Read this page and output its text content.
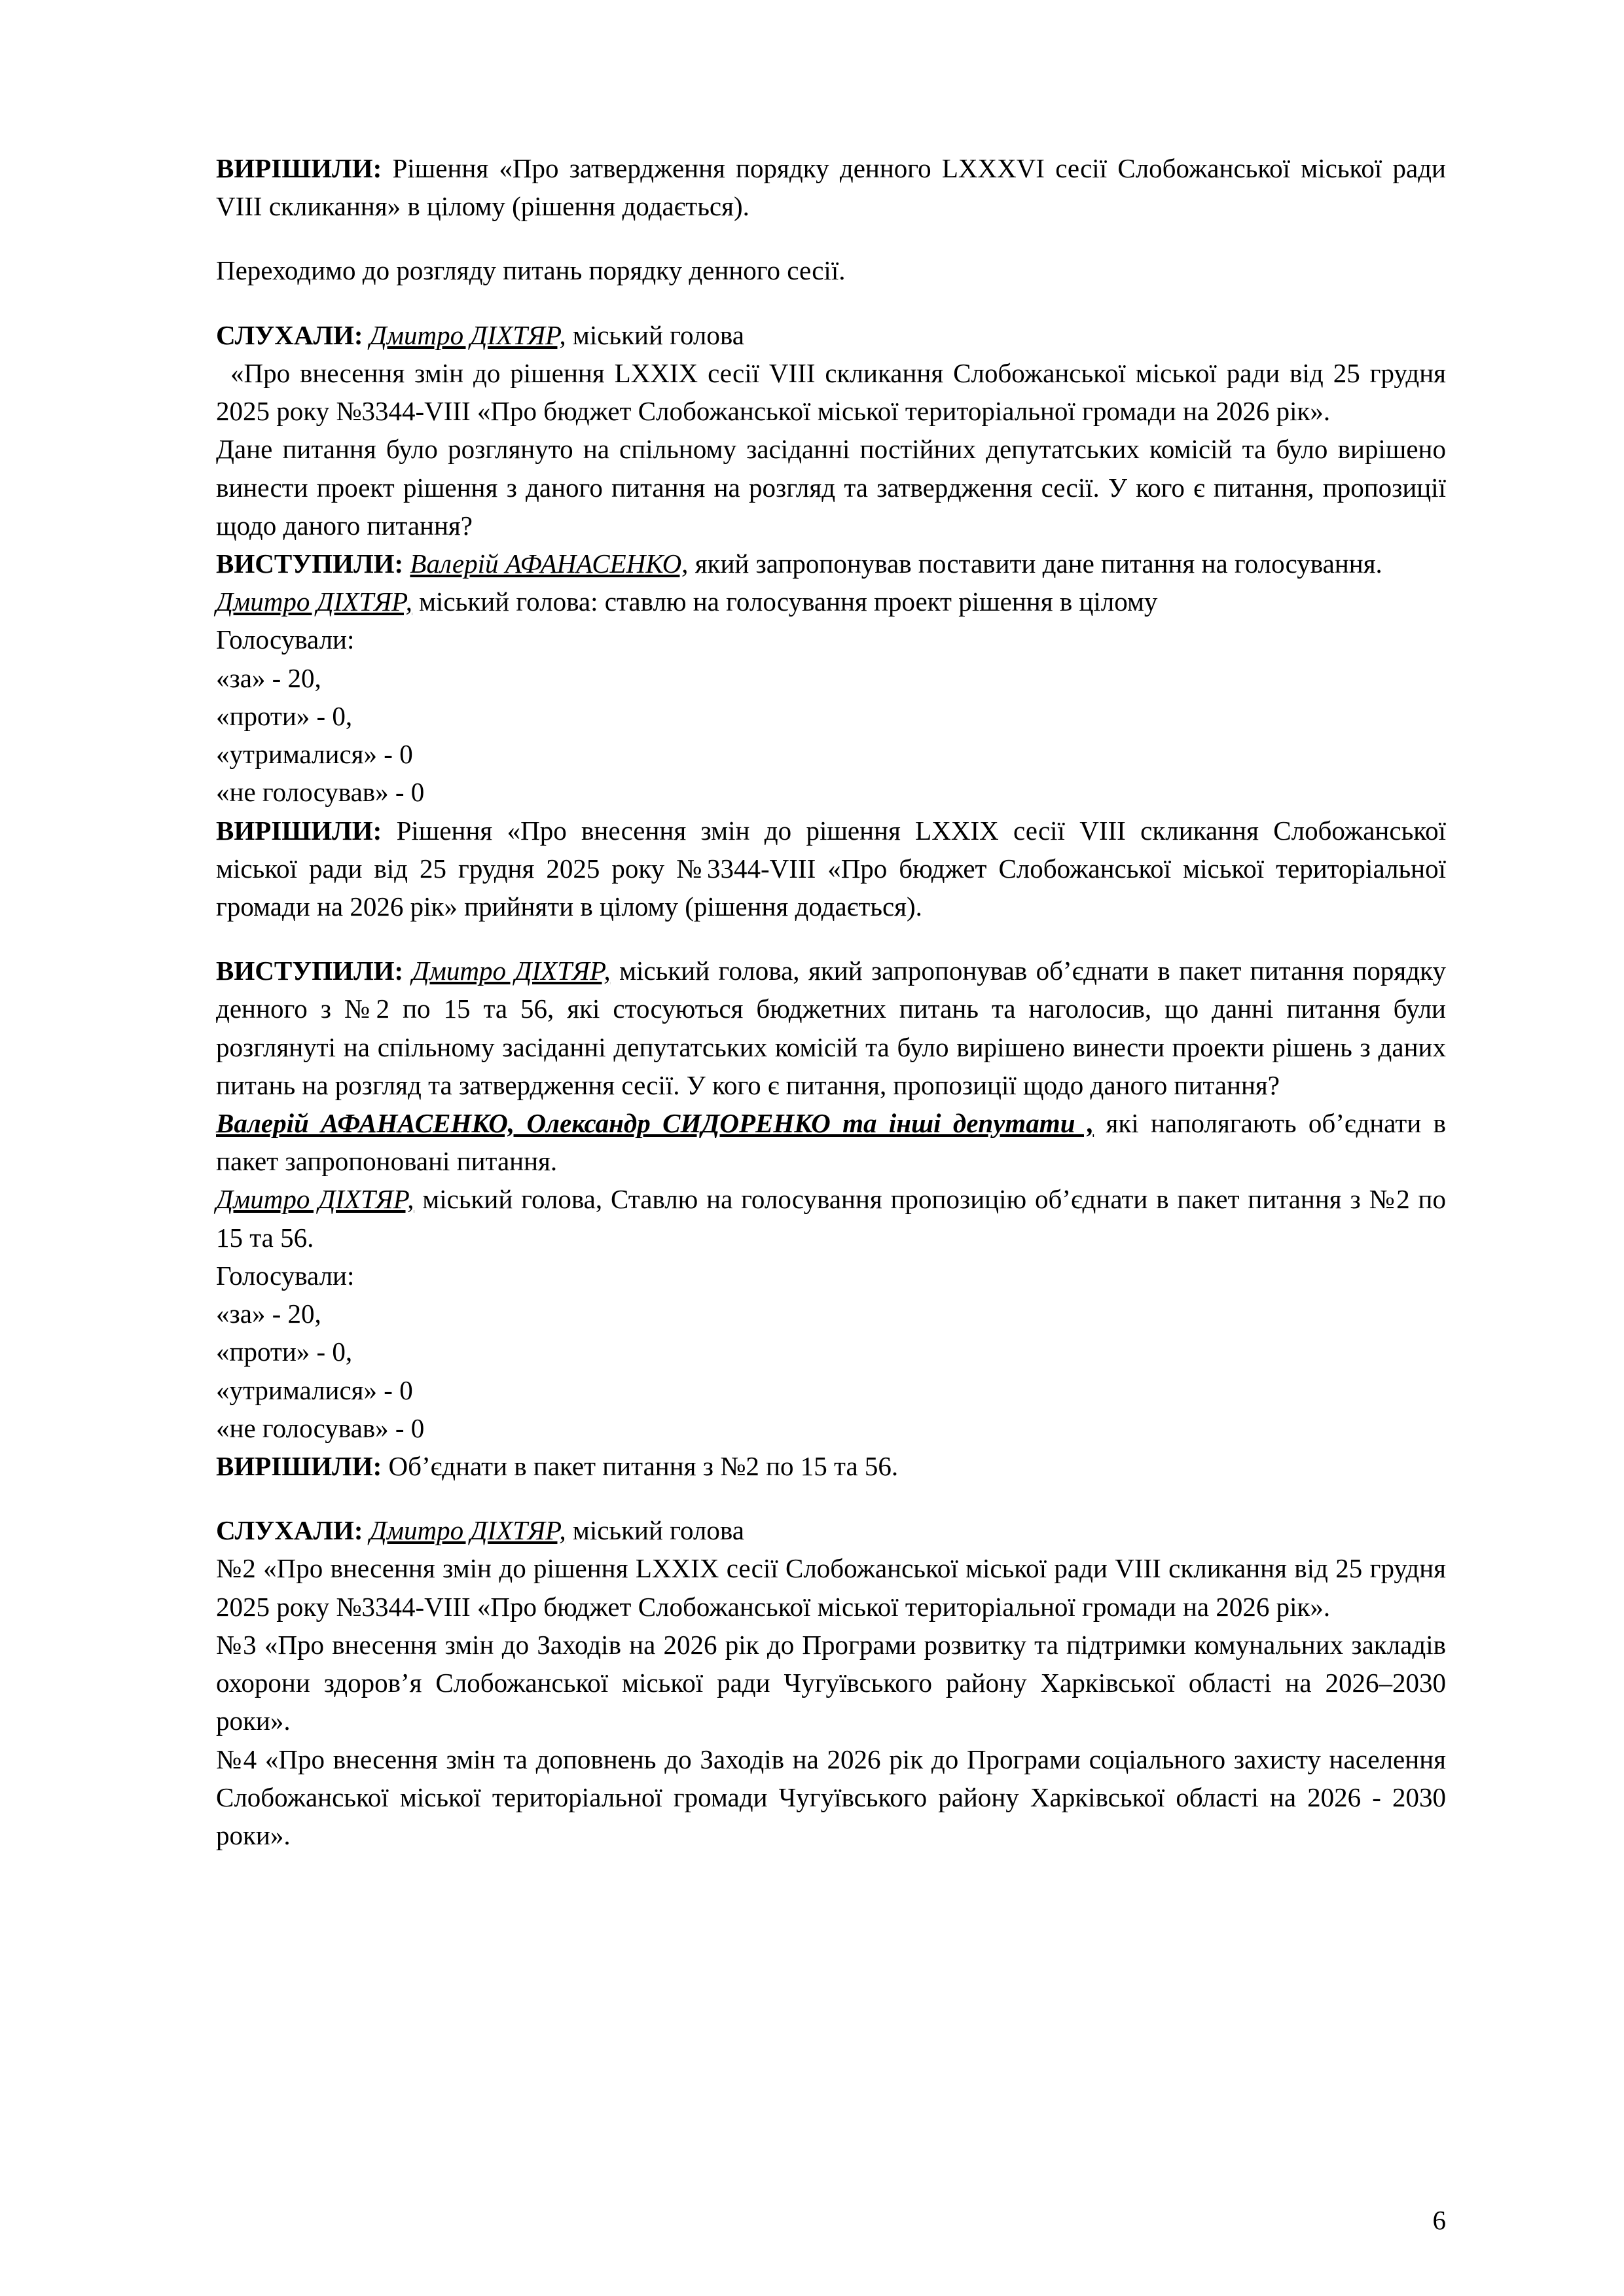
ВИРІШИЛИ: Рішення «Про затвердження порядку денного LXXXVI сесії Слобожанської міської ради VIII скликання» в цілому (рішення додається).

Переходимо до розгляду питань порядку денного сесії.

СЛУХАЛИ: Дмитро ДІХТЯР, міський голова

«Про внесення змін до рішення LXXIX сесії VIII скликання Слобожанської міської ради від 25 грудня 2025 року №3344-VIII «Про бюджет Слобожанської міської територіальної громади на 2026 рік».

Дане питання було розглянуто на спільному засіданні постійних депутатських комісій та було вирішено винести проект рішення з даного питання на розгляд та затвердження сесії. У кого є питання, пропозиції щодо даного питання?

ВИСТУПИЛИ: Валерій АФАНАСЕНКО, який запропонував поставити дане питання на голосування.

Дмитро ДІХТЯР, міський голова: ставлю на голосування проект рішення в цілому

Голосували:

«за» - 20,

«проти» - 0,

«утрималися» - 0

«не голосував» - 0

ВИРІШИЛИ: Рішення «Про внесення змін до рішення LXXIX сесії VIII скликання Слобожанської міської ради від 25 грудня 2025 року №3344-VIII «Про бюджет Слобожанської міської територіальної громади на 2026 рік» прийняти в цілому (рішення додається).

ВИСТУПИЛИ: Дмитро ДІХТЯР, міський голова, який запропонував об’єднати в пакет питання порядку денного з №2 по 15 та 56, які стосуються бюджетних питань та наголосив, що данні питання були розглянуті на спільному засіданні депутатських комісій та було вирішено винести проекти рішень з даних питань на розгляд та затвердження сесії. У кого є питання, пропозиції щодо даного питання?

Валерій АФАНАСЕНКО, Олександр СИДОРЕНКО та інші депутати , які наполягають об’єднати в пакет запропоновані питання.

Дмитро ДІХТЯР, міський голова, Ставлю на голосування пропозицію об’єднати в пакет питання з №2 по 15 та 56.

Голосували:

«за» - 20,

«проти» - 0,

«утрималися» - 0

«не голосував» - 0

ВИРІШИЛИ: Об’єднати в пакет питання з №2 по 15 та 56.

СЛУХАЛИ: Дмитро ДІХТЯР, міський голова

№2 «Про внесення змін до рішення LXXIX сесії Слобожанської міської ради VIII скликання від 25 грудня 2025 року №3344-VIII «Про бюджет Слобожанської міської територіальної громади на 2026 рік».

№3 «Про внесення змін до Заходів на 2026 рік до Програми розвитку та підтримки комунальних закладів охорони здоров’я Слобожанської міської ради Чугуївського району Харківської області на 2026–2030 роки».

№4 «Про внесення змін та доповнень до Заходів на 2026 рік до Програми соціального захисту населення Слобожанської міської територіальної громади Чугуївського району Харківської області на 2026 - 2030 роки».

6
